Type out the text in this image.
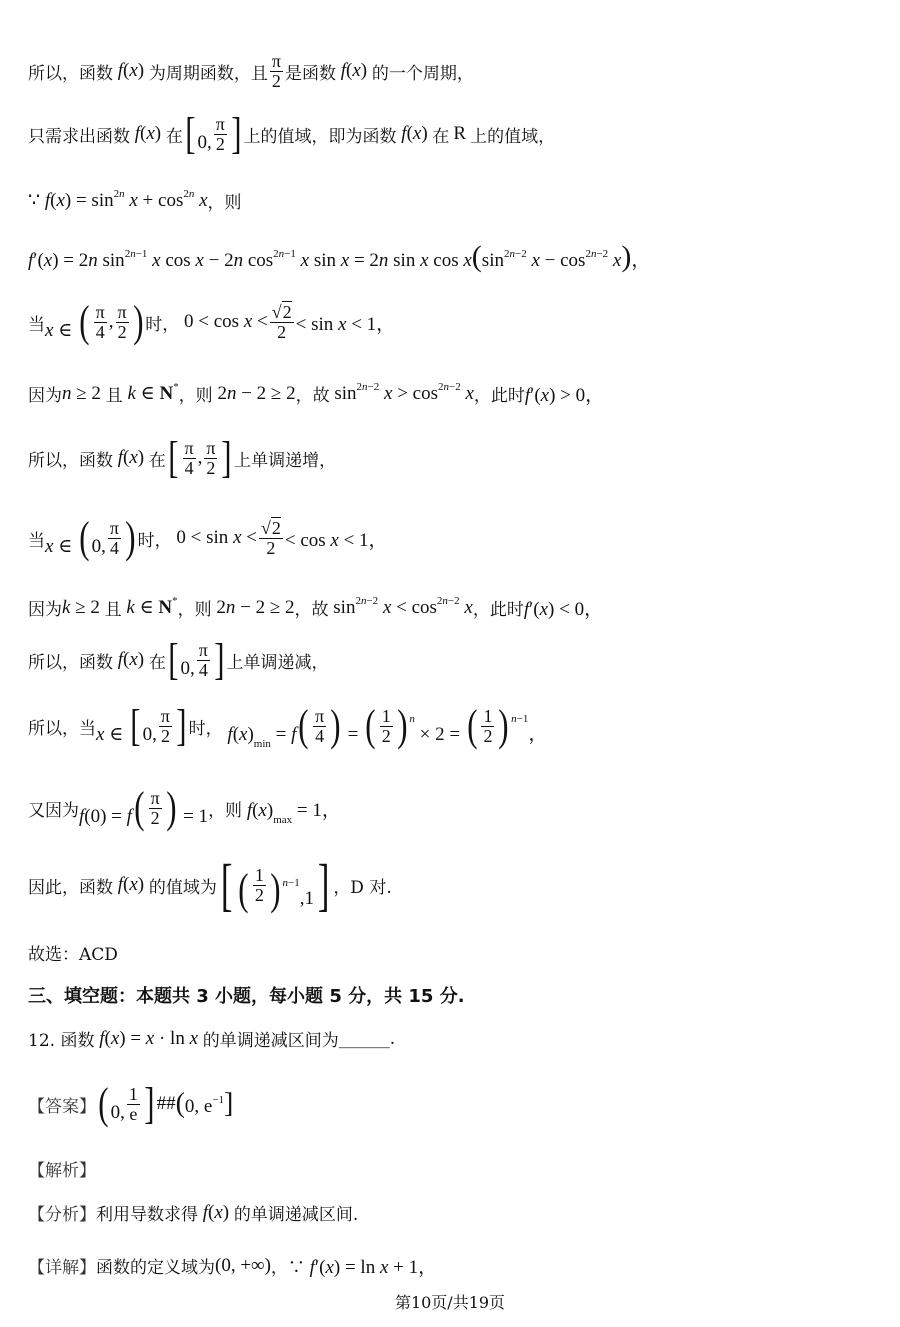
所以，函数 f(x) 为周期函数，且 $\frac{\pi}{2}$ 是函数 f(x) 的一个周期，
只需求出函数 f(x) 在 [ 0, $\frac{\pi}{2}$ ] 上的值域，即为函数 f(x) 在 R 上的值域，
∵ $f(x) = \sin^{2n} x + \cos^{2n} x$ ，则
f′(x) = 2n $\sin^{2n-1} x$ cos x − 2n $\cos^{2n-1} x$ sin x = 2n sin x $\cos x(\sin^{2n-2}$ $x - \cos^{2n-2} x$)，
当 x ∈ ( $\frac{\pi}{4}$ , $\frac{\pi}{2}$ ) 时， $0 < \cos x < \frac{√2}{2} < \sin x < 1$，
因为 n ≥ 2 且 k ∈ N* ，则 2n − 2 ≥ 2 ，故 $\sin^{2n-2} x > \cos^{2n-2} x$ ，此时 f′(x) > 0，
所以，函数 f(x) 在 [ $\frac{\pi}{4}$ , $\frac{\pi}{2}$ ] 上单调递增，
当 x ∈ ( 0, $\frac{\pi}{4}$ ) 时， $0 < \sin x < \frac{√2}{2} < \cos x < 1$，
因为 k ≥ 2 且 k ∈ N* ，则 2n − 2 ≥ 2 ，故 $\sin^{2n-2} x < \cos^{2n-2} x$ ，此时 f′(x) < 0，
所以，函数 f(x) 在 [ 0, $\frac{\pi}{4}$ ] 上单调递减，
所以，当 x ∈ [ 0, $\frac{\pi}{2}$ ] 时， $f(x)_{min} = f( \frac{\pi}{4}$ ) = ( $\frac{1}{2}$ ) $^n$ × 2 = ( $\frac{1}{2}$ ) $^{n-1}$，
又因为 $f(0) = f( \frac{\pi}{2}$ ) = 1 ，则 $f(x)_{max} = 1$，
因此，函数 f(x) 的值域为 [ ( $\frac{1}{2}$ ) $^{n-1}$,1] ，D 对.
故选：ACD
三、填空题：本题共 3 小题，每小题 5 分，共 15 分.
12. 函数 f(x) = x · ln x 的单调递减区间为 ______.
【答案】 ( 0, $\frac{1}{e}$ ] ## (0, $e^{-1}$]
【解析】
【分析】 利用导数求得 f(x) 的单调递减区间.
【详解】 函数的定义域为 (0, +∞) ，∵ f′(x) = ln x + 1，
第10页/共19页
